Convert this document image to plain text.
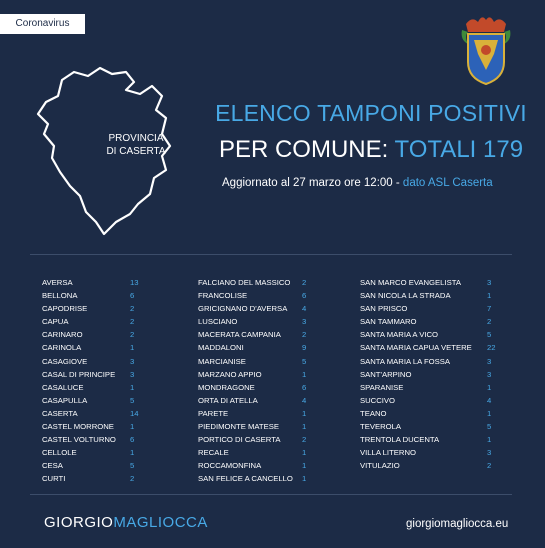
Coronavirus
PROVINCIA
DI CASERTA
ELENCO TAMPONI POSITIVI
PER COMUNE: TOTALI 179
Aggiornato al 27 marzo ore 12:00 - dato ASL Caserta
AVERSA	13
BELLONA	6
CAPODRISE	2
CAPUA	2
CARINARO	2
CARINOLA	1
CASAGIOVE	3
CASAL DI PRINCIPE 3
CASALUCE	1
CASAPULLA	5
CASERTA	14
CASTEL MORRONE 1
CASTEL VOLTURNO 6
CELLOLE	1
CESA	5
CURTI	2
FALCIANO DEL MASSICO 2
FRANCOLISE	6
GRICIGNANO D'AVERSA 4
LUSCIANO	3
MACERATA CAMPANIA	2
MADDALONI	9
MARCIANISE	5
MARZANO APPIO	1
MONDRAGONE	6
ORTA DI ATELLA	4
PARETE	1
PIEDIMONTE MATESE	1
PORTICO DI CASERTA	2
RECALE	1
ROCCAMONFINA	1
SAN FELICE A CANCELLO 1
SAN MARCO EVANGELISTA	3
SAN NICOLA LA STRADA	1
SAN PRISCO	7
SAN TAMMARO	2
SANTA MARIA A VICO	5
SANTA MARIA CAPUA VETERE 22
SANTA MARIA LA FOSSA	3
SANT'ARPINO	3
SPARANISE	1
SUCCIVO	4
TEANO	1
TEVEROLA	5
TRENTOLA DUCENTA	1
VILLA LITERNO	3
VITULAZIO	2
GIORGIOMAGLIOCCA	giorgiomagliocca.eu
